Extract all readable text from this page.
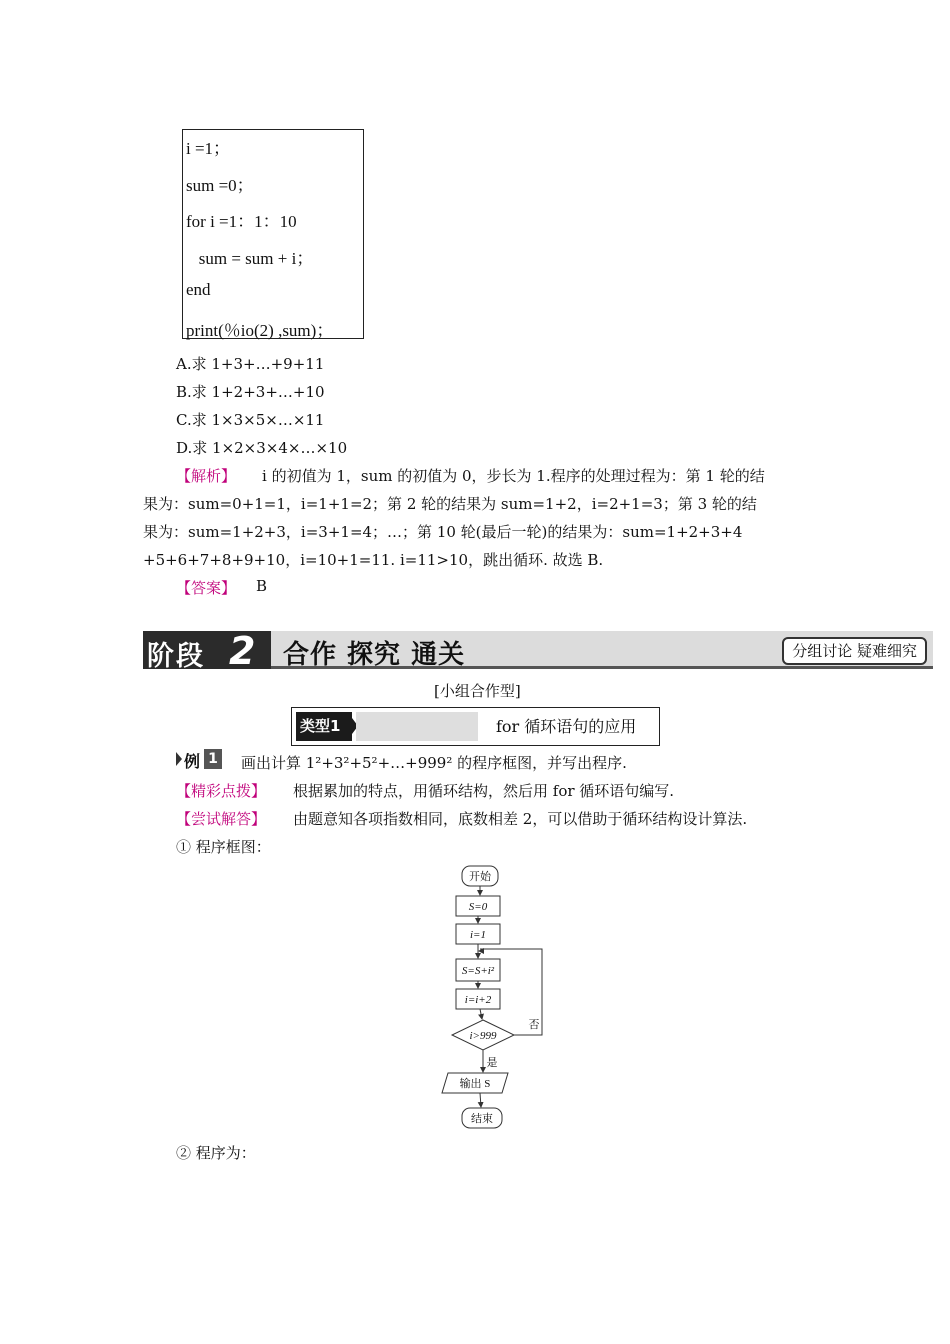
i =1；
sum =0；
for i =1：1：10
sum = sum + i；
end
print(％io(2) ,sum)；
A.求 1+3+…+9+11
B.求 1+2+3+…+10
C.求 1×3×5×…×11
D.求 1×2×3×4×…×10
【解析】 i 的初值为 1，sum 的初值为 0，步长为 1.程序的处理过程为：第 1 轮的结
果为：sum=0+1=1，i=1+1=2；第 2 轮的结果为 sum=1+2，i=2+1=3；第 3 轮的结
果为：sum=1+2+3，i=3+1=4；…；第 10 轮(最后一轮)的结果为：sum=1+2+3+4
+5+6+7+8+9+10，i=10+1=11. i=11>10，跳出循环. 故选 B.
【答案】 B
阶段 2 合作 探究 通关	分组讨论 疑难细究
[小组合作型]
类型1	for 循环语句的应用
例 1 画出计算 1²+3²+5²+…+999² 的程序框图，并写出程序.
【精彩点拨】 根据累加的特点，用循环结构，然后用 for 循环语句编写.
【尝试解答】 由题意知各项指数相同，底数相差 2，可以借助于循环结构设计算法.
① 程序框图：
开始
S=0
i=1
S=S+i²
i=i+2
i>999
否
是
输出 S
结束
② 程序为：
